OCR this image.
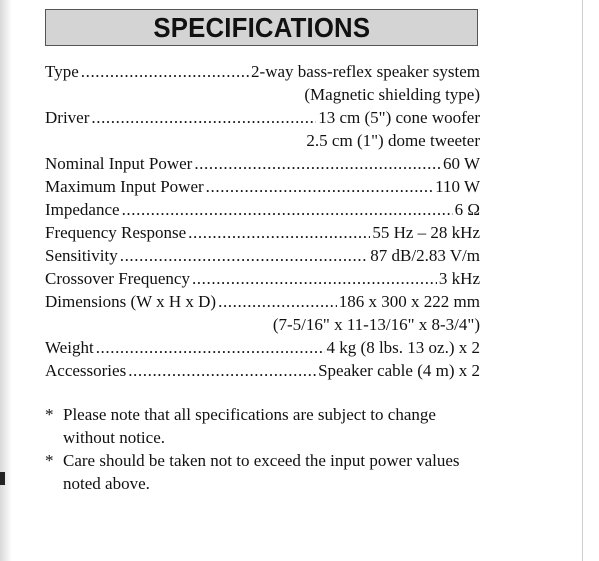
SPECIFICATIONS
Type .....	2-way bass-reflex speaker system
(Magnetic shielding type)
Driver .....	13 cm (5") cone woofer
2.5 cm (1") dome tweeter
Nominal Input Power .....	60 W
Maximum Input Power .....	110 W
Impedance .....	6 Ω
Frequency Response .....	55 Hz – 28 kHz
Sensitivity .....	87 dB/2.83 V/m
Crossover Frequency .....	3 kHz
Dimensions (W x H x D) .....	186 x 300 x 222 mm
(7-5/16" x 11-13/16" x 8-3/4")
Weight .....	4 kg (8 lbs. 13 oz.) x 2
Accessories .....	Speaker cable (4 m) x 2
* Please note that all specifications are subject to change without notice.
* Care should be taken not to exceed the input power values noted above.
